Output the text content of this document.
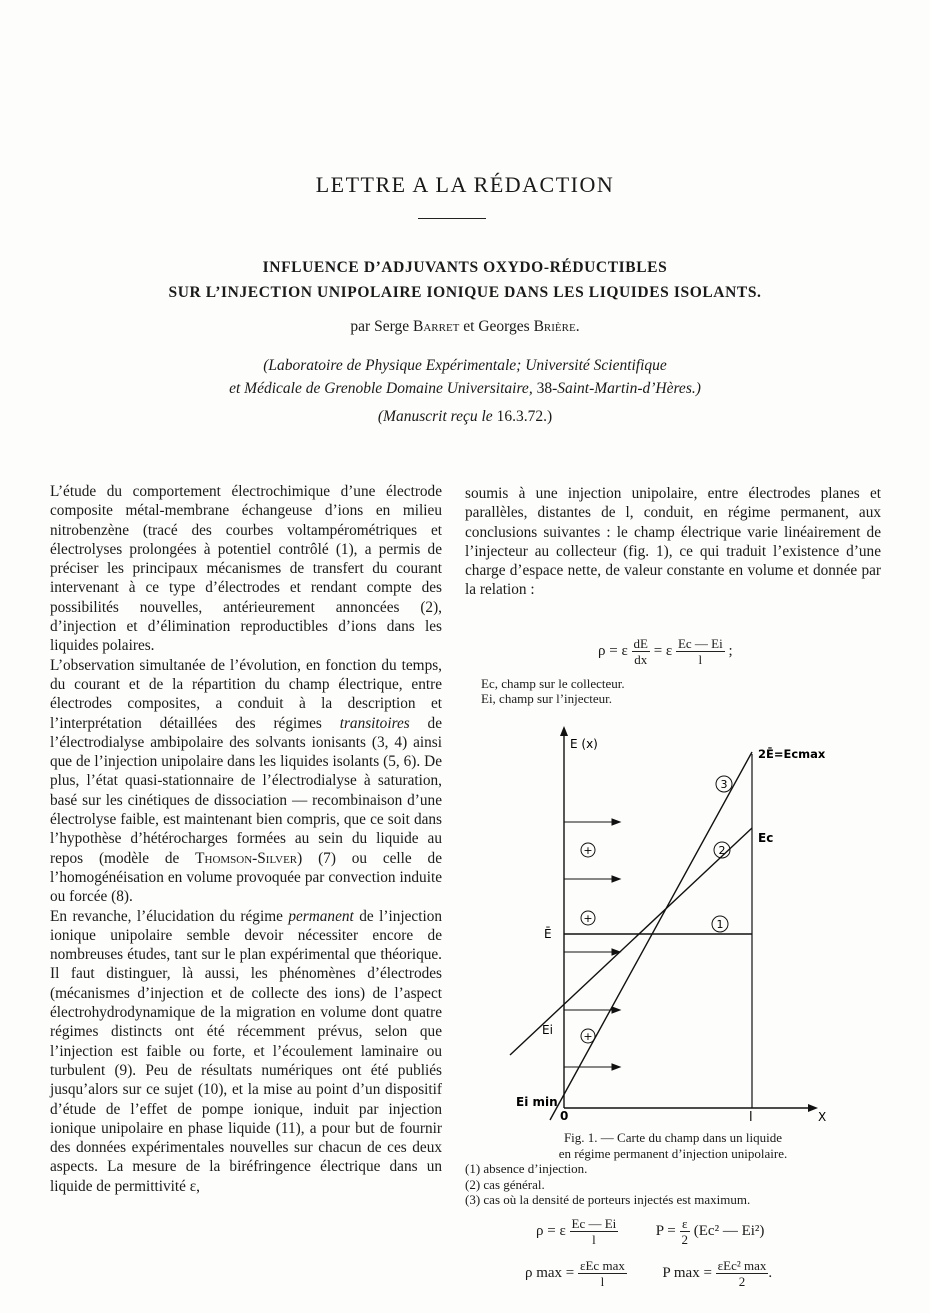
LETTRE A LA RÉDACTION
INFLUENCE D’ADJUVANTS OXYDO-RÉDUCTIBLES
SUR L’INJECTION UNIPOLAIRE IONIQUE DANS LES LIQUIDES ISOLANTS.
par Serge Barret et Georges Brière.
(Laboratoire de Physique Expérimentale; Université Scientifique
et Médicale de Grenoble Domaine Universitaire, 38-Saint-Martin-d’Hères.)
(Manuscrit reçu le 16.3.72.)

L’étude du comportement électrochimique d’une électrode composite métal-membrane échangeuse d’ions en milieu nitrobenzène (tracé des courbes voltampérométriques et électrolyses prolongées à potentiel contrôlé (1), a permis de préciser les principaux mécanismes de transfert du courant intervenant à ce type d’électrodes et rendant compte des possibilités nouvelles, antérieurement annoncées (2), d’injection et d’élimination reproductibles d’ions dans les liquides polaires.

L’observation simultanée de l’évolution, en fonction du temps, du courant et de la répartition du champ électrique, entre électrodes composites, a conduit à la description et l’interprétation détaillées des régimes transitoires de l’électrodialyse ambipolaire des solvants ionisants (3, 4) ainsi que de l’injection unipolaire dans les liquides isolants (5, 6). De plus, l’état quasi-stationnaire de l’électrodialyse à saturation, basé sur les cinétiques de dissociation — recombinaison d’une électrolyse faible, est maintenant bien compris, que ce soit dans l’hypothèse d’hétérocharges formées au sein du liquide au repos (modèle de Thomson-Silver) (7) ou celle de l’homogénéisation en volume provoquée par convection induite ou forcée (8).

En revanche, l’élucidation du régime permanent de l’injection ionique unipolaire semble devoir nécessiter encore de nombreuses études, tant sur le plan expérimental que théorique. Il faut distinguer, là aussi, les phénomènes d’électrodes (mécanismes d’injection et de collecte des ions) de l’aspect électrohydrodynamique de la migration en volume dont quatre régimes distincts ont été récemment prévus, selon que l’injection est faible ou forte, et l’écoulement laminaire ou turbulent (9). Peu de résultats numériques ont été publiés jusqu’alors sur ce sujet (10), et la mise au point d’un dispositif d’étude de l’effet de pompe ionique, induit par injection ionique unipolaire en phase liquide (11), a pour but de fournir des données expérimentales nouvelles sur chacun de ces deux aspects. La mesure de la biréfringence électrique dans un liquide de permittivité ε,

soumis à une injection unipolaire, entre électrodes planes et parallèles, distantes de l, conduit, en régime permanent, aux conclusions suivantes : le champ électrique varie linéairement de l’injecteur au collecteur (fig. 1), ce qui traduit l’existence d’une charge d’espace nette, de valeur constante en volume et donnée par la relation :

ρ = ε $\frac{dE}{dx} = \varepsilon \frac{Ec — Ei}{l}$ ;
Ec, champ sur le collecteur.
Ei, champ sur l’injecteur.
+
+
+
3
2
1
E (x)
2Ē=Ecmax
Ec
Ē
Ei
Ei min
0	l	X
Fig. 1. — Carte du champ dans un liquide
en régime permanent d’injection unipolaire.
(1) absence d’injection.
(2) cas général.
(3) cas où la densité de porteurs injectés est maximum.
ρ = ε $\frac{Ec — Ei}{l}$	$P = \frac{\varepsilon}{2} (Ec^2$ — Ei²)
ρ $\max = \frac{\text{εEc max}}{l}$ P $\max = \frac{\text{εEc² max}}{2}$ .
